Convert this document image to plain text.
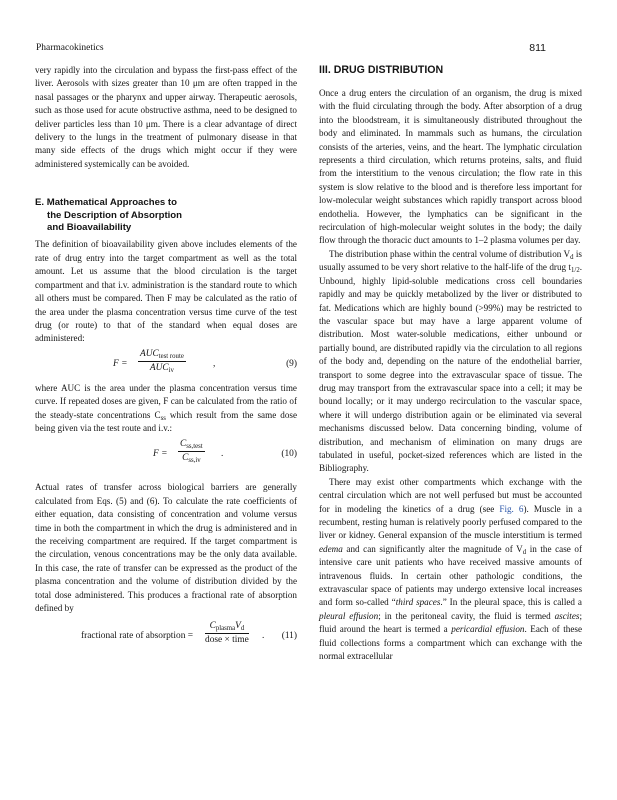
Pharmacokinetics	811

very rapidly into the circulation and bypass the first-pass effect of the liver. Aerosols with sizes greater than 10 μm are often trapped in the nasal passages or the pharynx and upper airway. Therapeutic aerosols, such as those used for acute obstructive asthma, need to be designed to deliver particles less than 10 μm. There is a clear advantage of direct delivery to the lungs in the treatment of pulmonary disease in that many side effects of the drugs which might occur if they were administered systemically can be avoided.

E. Mathematical Approaches to
the Description of Absorption
and Bioavailability

The definition of bioavailability given above includes elements of the rate of drug entry into the target compartment as well as the total amount. Let us assume that the blood circulation is the target compartment and that i.v. administration is the standard route to which all others must be compared. Then F may be calculated as the ratio of the area under the plasma concentration versus time curve of the test drug (or route) to that of the standard when equal doses are administered:

F =
$AUC_{test route}$
$AUC_{iv}$
,	(9)

where AUC is the area under the plasma concentration versus time curve. If repeated doses are given, F can be calculated from the ratio of the steady-state concentrations $C_{ss}$ which result from the same dose being given via the test route and i.v.:

F =
$C_{ss,test}$
$C_{ss,iv}$
.	(10)

Actual rates of transfer across biological barriers are generally calculated from Eqs. (5) and (6). To calculate the rate coefficients of either equation, data consisting of concentration and volume versus time in both the compartment in which the drug is administered and in the receiving compartment are required. If the target compartment is the circulation, venous concentrations may be the only data available. In this case, the rate of transfer can be expressed as the product of the plasma concentration and the volume of distribution divided by the total dose administered. This produces a fractional rate of absorption defined by

fractional rate of absorption =
$C_{plasma}V_d$
dose × time . (11)
III. DRUG DISTRIBUTION

Once a drug enters the circulation of an organism, the drug is mixed with the fluid circulating through the body. After absorption of a drug into the bloodstream, it is simultaneously distributed throughout the body and eliminated. In mammals such as humans, the circulation consists of the arteries, veins, and the heart. The lymphatic circulation represents a third circulation, which returns proteins, salts, and fluid from the interstitium to the venous circulation; the flow rate in this system is slow relative to the blood and is therefore less important for low-molecular weight substances which rapidly transport across blood endothelia. However, the lymphatics can be significant in the recirculation of high-molecular weight solutes in the body; the daily flow through the thoracic duct amounts to 1–2 plasma volumes per day.

The distribution phase within the central volume of distribution $V_d$ is usually assumed to be very short relative to the half-life of the drug $t_{1/2}$. Unbound, highly lipid-soluble medications cross cell boundaries rapidly and may be quickly metabolized by the liver or distributed to fat. Medications which are highly bound (>99%) may be restricted to the vascular space but may have a large apparent volume of distribution. Most water-soluble medications, either unbound or partially bound, are distributed rapidly via the circulation to all regions of the body and, depending on the nature of the endothelial barrier, transport to some degree into the extravascular space of tissue. The drug may transport from the extravascular space into a cell; it may be bound locally; or it may undergo recirculation to the vascular space, where it will undergo distribution again or be eliminated via several mechanisms discussed below. Data concerning binding, volume of distribution, and mechanism of elimination on many drugs are tabulated in useful, pocket-sized references which are listed in the Bibliography.

There may exist other compartments which exchange with the central circulation which are not well perfused but must be accounted for in modeling the kinetics of a drug (see Fig. 6). Muscle in a recumbent, resting human is relatively poorly perfused compared to the liver or kidney. General expansion of the muscle interstitium is termed edema and can significantly alter the magnitude of $V_d$ in the case of intensive care unit patients who have received massive amounts of intravenous fluids. In certain other pathologic conditions, the extravascular space of patients may undergo extensive local increases and form so-called “third spaces.” In the pleural space, this is called a pleural effusion; in the peritoneal cavity, the fluid is termed ascites; fluid around the heart is termed a pericardial effusion. Each of these fluid collections forms a compartment which can exchange with the normal extracellular
